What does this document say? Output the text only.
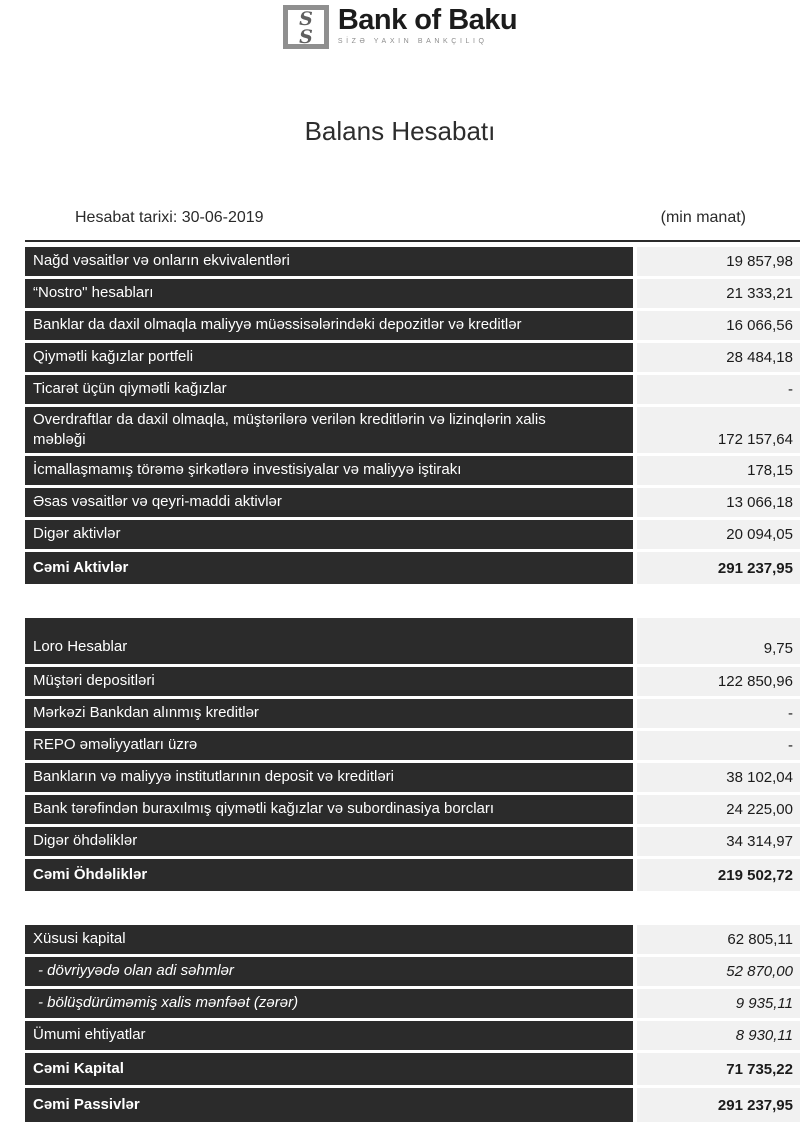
S
S
Bank of Baku
SİZƏ YAXIN BANKÇILIQ
Balans Hesabatı
Hesabat tarixi: 30-06-2019	(min manat)
Nağd vəsaitlər və onların ekvivalentləri	19 857,98
“Nostro" hesabları	21 333,21
Banklar da daxil olmaqla maliyyə müəssisələrindəki depozitlər və kreditlər	16 066,56
Qiymətli kağızlar portfeli	28 484,18
Ticarət üçün qiymətli kağızlar	-
Overdraftlar da daxil olmaqla, müştərilərə verilən kreditlərin və lizinqlərin xalis məbləği	172 157,64
İcmallaşmamış törəmə şirkətlərə investisiyalar və maliyyə iştirakı	178,15
Əsas vəsaitlər və qeyri-maddi aktivlər	13 066,18
Digər aktivlər	20 094,05
Cəmi Aktivlər	291 237,95
Loro Hesablar	9,75
Müştəri depositləri	122 850,96
Mərkəzi Bankdan alınmış kreditlər	-
REPO əməliyyatları üzrə	-
Bankların və maliyyə institutlarının deposit və kreditləri	38 102,04
Bank tərəfindən buraxılmış qiymətli kağızlar və subordinasiya borcları	24 225,00
Digər öhdəliklər	34 314,97
Cəmi Öhdəliklər	219 502,72
Xüsusi kapital	62 805,11
- dövriyyədə olan adi səhmlər	52 870,00
- bölüşdürüməmiş xalis mənfəət (zərər)	9 935,11
Ümumi ehtiyatlar	8 930,11
Cəmi Kapital	71 735,22
Cəmi Passivlər	291 237,95
